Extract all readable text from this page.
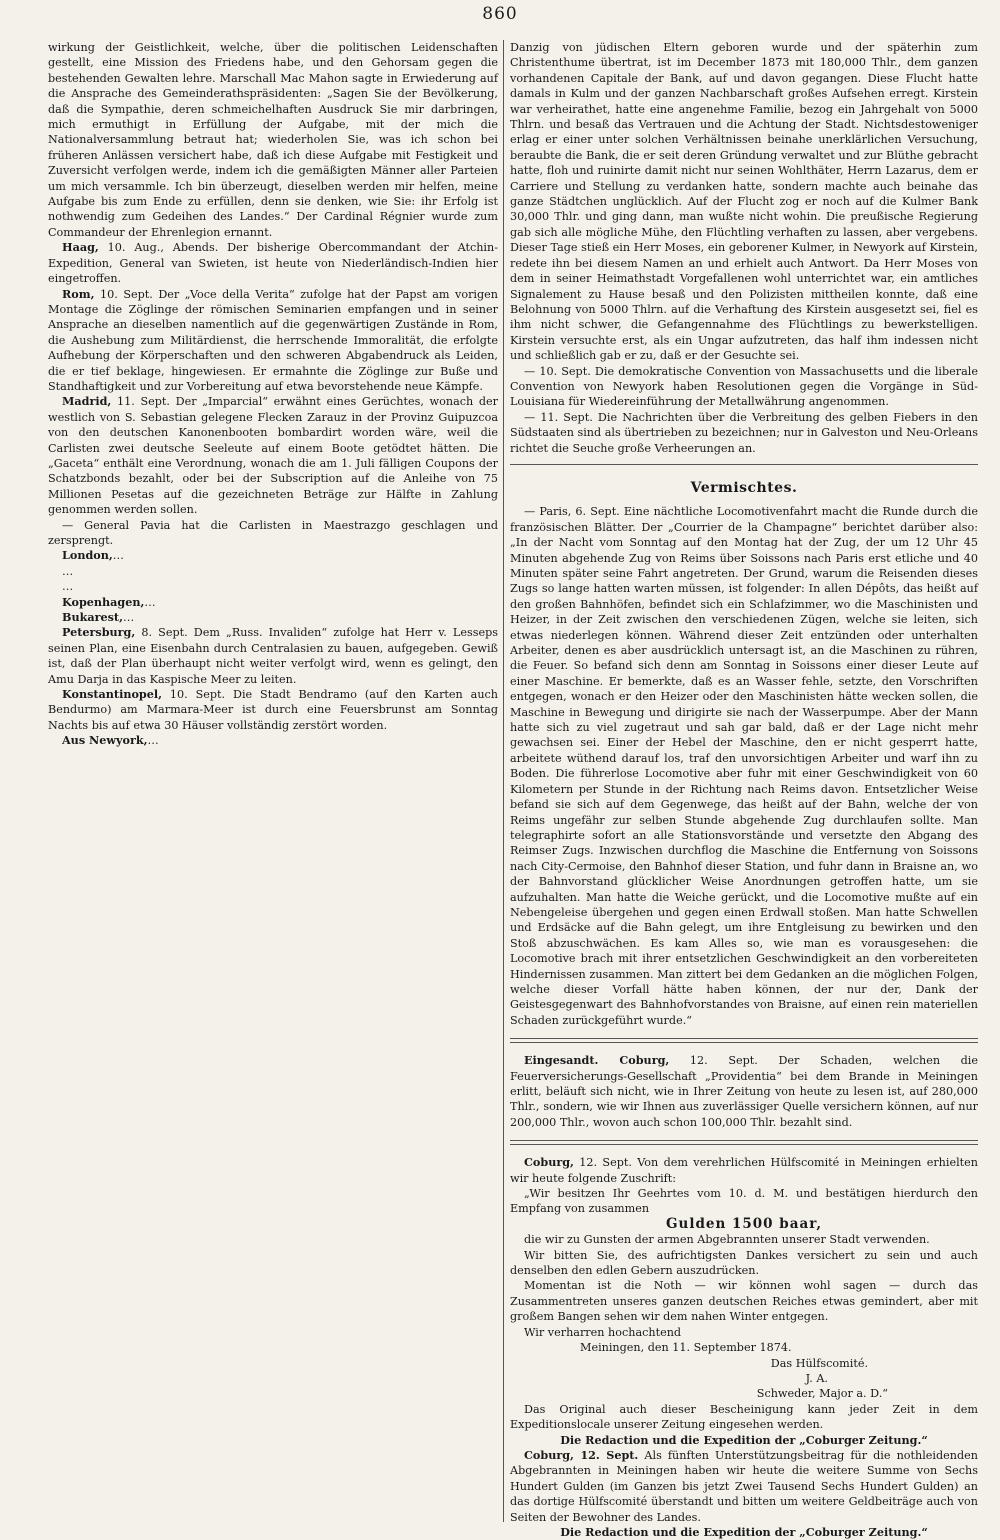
860

wirkung der Geistlichkeit, welche, über die politischen Leidenschaften gestellt, eine Mission des Friedens habe, und den Gehorsam gegen die bestehenden Gewalten lehre. Marschall Mac Mahon sagte in Erwiederung auf die Ansprache des Gemeinderathspräsidenten: „Sagen Sie der Bevölkerung, daß die Sympathie, deren schmeichelhaften Ausdruck Sie mir darbringen, mich ermuthigt in Erfüllung der Aufgabe, mit der mich die Nationalversammlung betraut hat; wiederholen Sie, was ich schon bei früheren Anlässen versichert habe, daß ich diese Aufgabe mit Festigkeit und Zuversicht verfolgen werde, indem ich die gemäßigten Männer aller Parteien um mich versammle. Ich bin überzeugt, dieselben werden mir helfen, meine Aufgabe bis zum Ende zu erfüllen, denn sie denken, wie Sie: ihr Erfolg ist nothwendig zum Gedeihen des Landes.“ Der Cardinal Régnier wurde zum Commandeur der Ehrenlegion ernannt.

Haag, 10. Aug., Abends. Der bisherige Obercommandant der Atchin-Expedition, General van Swieten, ist heute von Niederländisch-Indien hier eingetroffen.

Rom, 10. Sept. Der „Voce della Verita“ zufolge hat der Papst am vorigen Montage die Zöglinge der römischen Seminarien empfangen und in seiner Ansprache an dieselben namentlich auf die gegenwärtigen Zustände in Rom, die Aushebung zum Militärdienst, die herrschende Immoralität, die erfolgte Aufhebung der Körperschaften und den schweren Abgabendruck als Leiden, die er tief beklage, hingewiesen. Er ermahnte die Zöglinge zur Buße und Standhaftigkeit und zur Vorbereitung auf etwa bevorstehende neue Kämpfe.

Madrid, 11. Sept. Der „Imparcial“ erwähnt eines Gerüchtes, wonach der westlich von S. Sebastian gelegene Flecken Zarauz in der Provinz Guipuzcoa von den deutschen Kanonenbooten bombardirt worden wäre, weil die Carlisten zwei deutsche Seeleute auf einem Boote getödtet hätten. Die „Gaceta“ enthält eine Verordnung, wonach die am 1. Juli fälligen Coupons der Schatzbonds bezahlt, oder bei der Subscription auf die Anleihe von 75 Millionen Pesetas auf die gezeichneten Beträge zur Hälfte in Zahlung genommen werden sollen.

— General Pavia hat die Carlisten in Maestrazgo geschlagen und zersprengt.

London,…

…

…

Kopenhagen,…

Bukarest,…

Petersburg, 8. Sept. Dem „Russ. Invaliden“ zufolge hat Herr v. Lesseps seinen Plan, eine Eisenbahn durch Centralasien zu bauen, aufgegeben. Gewiß ist, daß der Plan überhaupt nicht weiter verfolgt wird, wenn es gelingt, den Amu Darja in das Kaspische Meer zu leiten.

Konstantinopel, 10. Sept. Die Stadt Bendramo (auf den Karten auch Bendurmo) am Marmara-Meer ist durch eine Feuersbrunst am Sonntag Nachts bis auf etwa 30 Häuser vollständig zerstört worden.

Aus Newyork,…

Danzig von jüdischen Eltern geboren wurde und der späterhin zum Christenthume übertrat, ist im December 1873 mit 180,000 Thlr., dem ganzen vorhandenen Capitale der Bank, auf und davon gegangen. Diese Flucht hatte damals in Kulm und der ganzen Nachbarschaft großes Aufsehen erregt. Kirstein war verheirathet, hatte eine angenehme Familie, bezog ein Jahrgehalt von 5000 Thlrn. und besaß das Vertrauen und die Achtung der Stadt. Nichtsdestoweniger erlag er einer unter solchen Verhältnissen beinahe unerklärlichen Versuchung, beraubte die Bank, die er seit deren Gründung verwaltet und zur Blüthe gebracht hatte, floh und ruinirte damit nicht nur seinen Wohlthäter, Herrn Lazarus, dem er Carriere und Stellung zu verdanken hatte, sondern machte auch beinahe das ganze Städtchen unglücklich. Auf der Flucht zog er noch auf die Kulmer Bank 30,000 Thlr. und ging dann, man wußte nicht wohin. Die preußische Regierung gab sich alle mögliche Mühe, den Flüchtling verhaften zu lassen, aber vergebens. Dieser Tage stieß ein Herr Moses, ein geborener Kulmer, in Newyork auf Kirstein, redete ihn bei diesem Namen an und erhielt auch Antwort. Da Herr Moses von dem in seiner Heimathstadt Vorgefallenen wohl unterrichtet war, ein amtliches Signalement zu Hause besaß und den Polizisten mittheilen konnte, daß eine Belohnung von 5000 Thlrn. auf die Verhaftung des Kirstein ausgesetzt sei, fiel es ihm nicht schwer, die Gefangennahme des Flüchtlings zu bewerkstelligen. Kirstein versuchte erst, als ein Ungar aufzutreten, das half ihm indessen nicht und schließlich gab er zu, daß er der Gesuchte sei.

— 10. Sept. Die demokratische Convention von Massachusetts und die liberale Convention von Newyork haben Resolutionen gegen die Vorgänge in Süd-Louisiana für Wiedereinführung der Metallwährung angenommen.

— 11. Sept. Die Nachrichten über die Verbreitung des gelben Fiebers in den Südstaaten sind als übertrieben zu bezeichnen; nur in Galveston und Neu-Orleans richtet die Seuche große Verheerungen an.

Vermischtes.

— Paris, 6. Sept. Eine nächtliche Locomotivenfahrt macht die Runde durch die französischen Blätter. Der „Courrier de la Champagne“ berichtet darüber also: „In der Nacht vom Sonntag auf den Montag hat der Zug, der um 12 Uhr 45 Minuten abgehende Zug von Reims über Soissons nach Paris erst etliche und 40 Minuten später seine Fahrt angetreten. Der Grund, warum die Reisenden dieses Zugs so lange hatten warten müssen, ist folgender: In allen Dépôts, das heißt auf den großen Bahnhöfen, befindet sich ein Schlafzimmer, wo die Maschinisten und Heizer, in der Zeit zwischen den verschiedenen Zügen, welche sie leiten, sich etwas niederlegen können. Während dieser Zeit entzünden oder unterhalten Arbeiter, denen es aber ausdrücklich untersagt ist, an die Maschinen zu rühren, die Feuer. So befand sich denn am Sonntag in Soissons einer dieser Leute auf einer Maschine. Er bemerkte, daß es an Wasser fehle, setzte, den Vorschriften entgegen, wonach er den Heizer oder den Maschinisten hätte wecken sollen, die Maschine in Bewegung und dirigirte sie nach der Wasserpumpe. Aber der Mann hatte sich zu viel zugetraut und sah gar bald, daß er der Lage nicht mehr gewachsen sei. Einer der Hebel der Maschine, den er nicht gesperrt hatte, arbeitete wüthend darauf los, traf den unvorsichtigen Arbeiter und warf ihn zu Boden. Die führerlose Locomotive aber fuhr mit einer Geschwindigkeit von 60 Kilometern per Stunde in der Richtung nach Reims davon. Entsetzlicher Weise befand sie sich auf dem Gegenwege, das heißt auf der Bahn, welche der von Reims ungefähr zur selben Stunde abgehende Zug durchlaufen sollte. Man telegraphirte sofort an alle Stationsvorstände und versetzte den Abgang des Reimser Zugs. Inzwischen durchflog die Maschine die Entfernung von Soissons nach City-Cermoise, den Bahnhof dieser Station, und fuhr dann in Braisne an, wo der Bahnvorstand glücklicher Weise Anordnungen getroffen hatte, um sie aufzuhalten. Man hatte die Weiche gerückt, und die Locomotive mußte auf ein Nebengeleise übergehen und gegen einen Erdwall stoßen. Man hatte Schwellen und Erdsäcke auf die Bahn gelegt, um ihre Entgleisung zu bewirken und den Stoß abzuschwächen. Es kam Alles so, wie man es vorausgesehen: die Locomotive brach mit ihrer entsetzlichen Geschwindigkeit an den vorbereiteten Hindernissen zusammen. Man zittert bei dem Gedanken an die möglichen Folgen, welche dieser Vorfall hätte haben können, der nur der, Dank der Geistesgegenwart des Bahnhofvorstandes von Braisne, auf einen rein materiellen Schaden zurückgeführt wurde.“

Eingesandt. Coburg, 12. Sept. Der Schaden, welchen die Feuerversicherungs-Gesellschaft „Providentia“ bei dem Brande in Meiningen erlitt, beläuft sich nicht, wie in Ihrer Zeitung von heute zu lesen ist, auf 280,000 Thlr., sondern, wie wir Ihnen aus zuverlässiger Quelle versichern können, auf nur 200,000 Thlr., wovon auch schon 100,000 Thlr. bezahlt sind.

Coburg, 12. Sept. Von dem verehrlichen Hülfscomité in Meiningen erhielten wir heute folgende Zuschrift:

„Wir besitzen Ihr Geehrtes vom 10. d. M. und bestätigen hierdurch den Empfang von zusammen

Gulden 1500 baar,

die wir zu Gunsten der armen Abgebrannten unserer Stadt verwenden.

Wir bitten Sie, des aufrichtigsten Dankes versichert zu sein und auch denselben den edlen Gebern auszudrücken.

Momentan ist die Noth — wir können wohl sagen — durch das Zusammentreten unseres ganzen deutschen Reiches etwas gemindert, aber mit großem Bangen sehen wir dem nahen Winter entgegen.

Wir verharren hochachtend

Meiningen, den 11. September 1874.

Das Hülfscomité.

J. A.

Schweder, Major a. D.“

Das Original auch dieser Bescheinigung kann jeder Zeit in dem Expeditionslocale unserer Zeitung eingesehen werden.

Die Redaction und die Expedition der „Coburger Zeitung.“

Coburg, 12. Sept. Als fünften Unterstützungsbeitrag für die nothleidenden Abgebrannten in Meiningen haben wir heute die weitere Summe von Sechs Hundert Gulden (im Ganzen bis jetzt Zwei Tausend Sechs Hundert Gulden) an das dortige Hülfscomité überstandt und bitten um weitere Geldbeiträge auch von Seiten der Bewohner des Landes.

Die Redaction und die Expedition der „Coburger Zeitung.“
